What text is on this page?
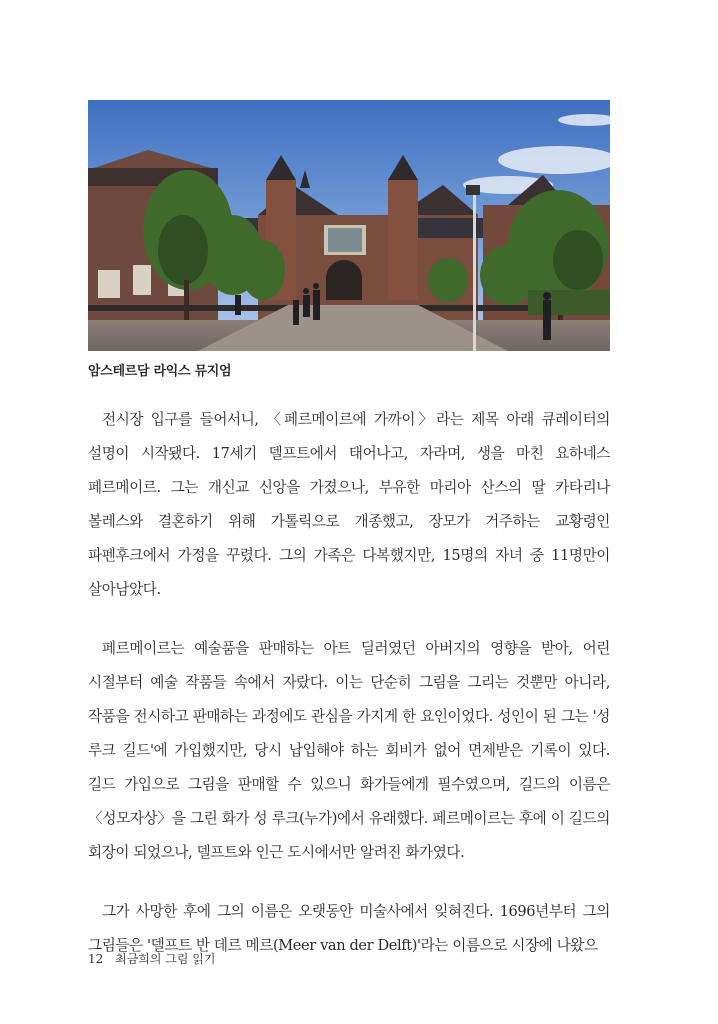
암스테르담 라익스 뮤지엄

전시장 입구를 들어서니, 〈페르메이르에 가까이〉라는 제목 아래 큐레이터의 설명이 시작됐다. 17세기 델프트에서 태어나고, 자라며, 생을 마친 요하네스 페르메이르. 그는 개신교 신앙을 가졌으나, 부유한 마리아 산스의 딸 카타리나 볼레스와 결혼하기 위해 가톨릭으로 개종했고, 장모가 거주하는 교황령인 파펜후크에서 가정을 꾸렸다. 그의 가족은 다복했지만, 15명의 자녀 중 11명만이 살아남았다.

페르메이르는 예술품을 판매하는 아트 딜러였던 아버지의 영향을 받아, 어린 시절부터 예술 작품들 속에서 자랐다. 이는 단순히 그림을 그리는 것뿐만 아니라, 작품을 전시하고 판매하는 과정에도 관심을 가지게 한 요인이었다. 성인이 된 그는 '성 루크 길드'에 가입했지만, 당시 납입해야 하는 회비가 없어 면제받은 기록이 있다. 길드 가입으로 그림을 판매할 수 있으니 화가들에게 필수였으며, 길드의 이름은 〈성모자상〉을 그린 화가 성 루크(누가)에서 유래했다. 페르메이르는 후에 이 길드의 회장이 되었으나, 델프트와 인근 도시에서만 알려진 화가였다.

그가 사망한 후에 그의 이름은 오랫동안 미술사에서 잊혀진다. 1696년부터 그의 그림들은 '델프트 반 데르 메르(Meer van der Delft)'라는 이름으로 시장에 나왔으

12 최금희의 그림 읽기
